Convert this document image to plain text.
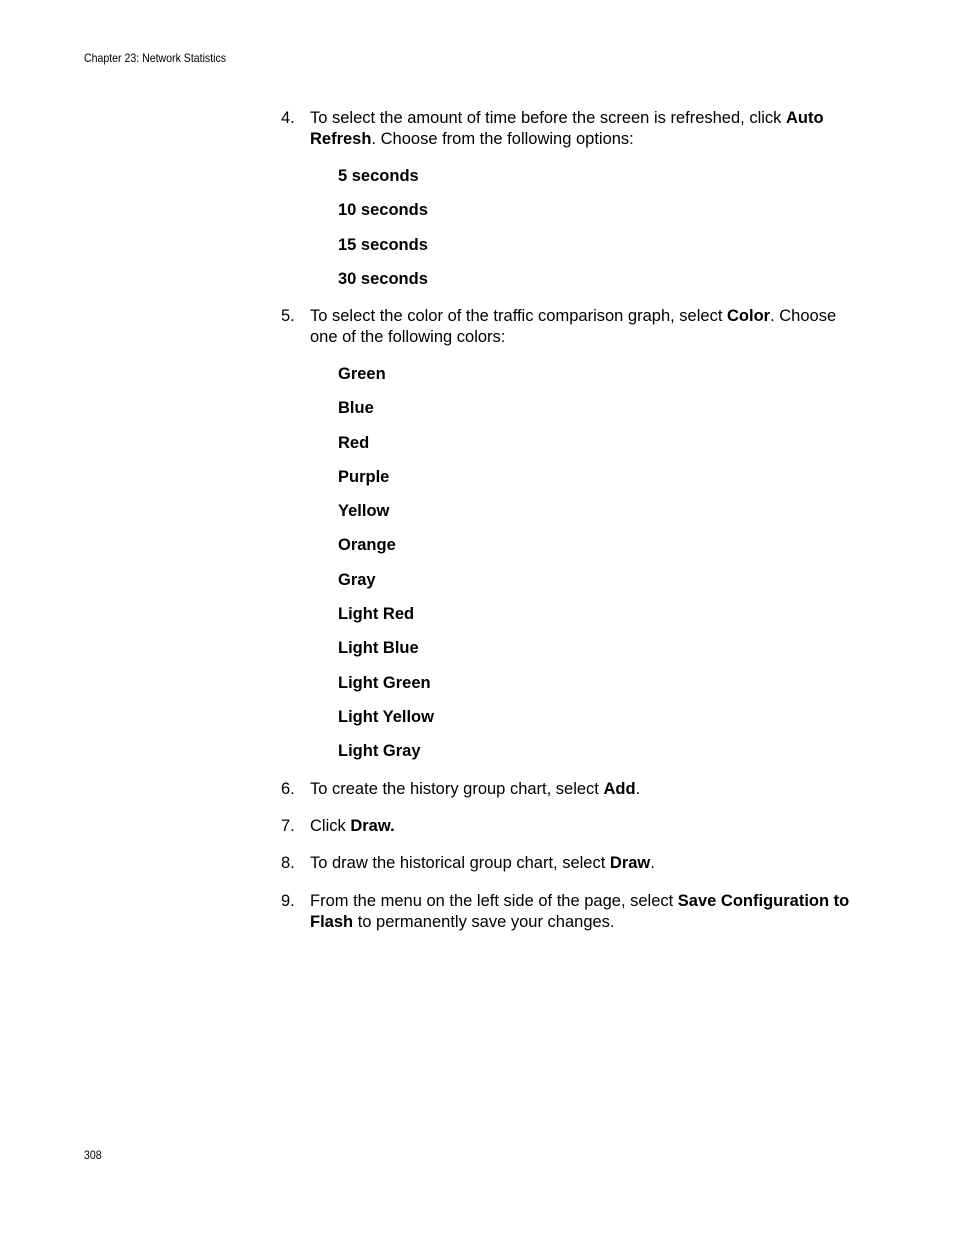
Chapter 23: Network Statistics
4. To select the amount of time before the screen is refreshed, click Auto Refresh. Choose from the following options:
5 seconds
10 seconds
15 seconds
30 seconds
5. To select the color of the traffic comparison graph, select Color. Choose one of the following colors:
Green
Blue
Red
Purple
Yellow
Orange
Gray
Light Red
Light Blue
Light Green
Light Yellow
Light Gray
6. To create the history group chart, select Add.
7. Click Draw.
8. To draw the historical group chart, select Draw.
9. From the menu on the left side of the page, select Save Configuration to Flash to permanently save your changes.
308
